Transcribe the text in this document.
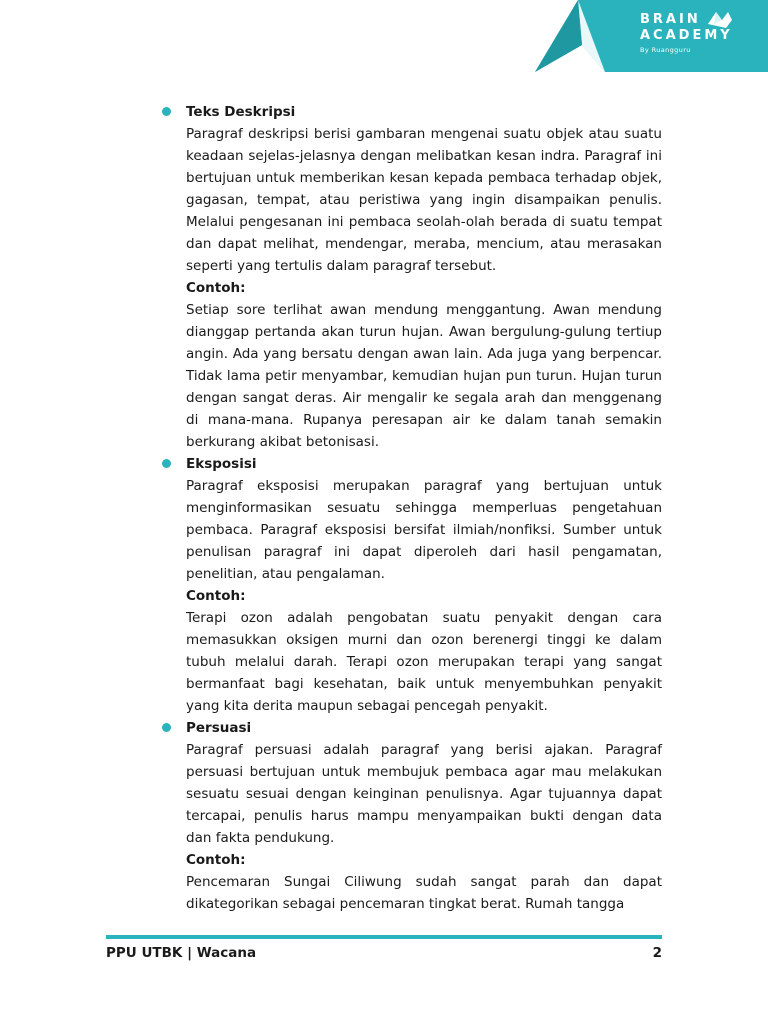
BRAIN
ACADEMY
By Ruangguru
Teks Deskripsi

Paragraf deskripsi berisi gambaran mengenai suatu objek atau suatu keadaan sejelas-jelasnya dengan melibatkan kesan indra. Paragraf ini bertujuan untuk memberikan kesan kepada pembaca terhadap objek, gagasan, tempat, atau peristiwa yang ingin disampaikan penulis. Melalui pengesanan ini pembaca seolah-olah berada di suatu tempat dan dapat melihat, mendengar, meraba, mencium, atau merasakan seperti yang tertulis dalam paragraf tersebut.

Contoh:

Setiap sore terlihat awan mendung menggantung. Awan mendung dianggap pertanda akan turun hujan. Awan bergulung-gulung tertiup angin. Ada yang bersatu dengan awan lain. Ada juga yang berpencar. Tidak lama petir menyambar, kemudian hujan pun turun. Hujan turun dengan sangat deras. Air mengalir ke segala arah dan menggenang di mana-mana. Rupanya peresapan air ke dalam tanah semakin berkurang akibat betonisasi.

Eksposisi

Paragraf eksposisi merupakan paragraf yang bertujuan untuk menginformasikan sesuatu sehingga memperluas pengetahuan pembaca. Paragraf eksposisi bersifat ilmiah/nonfiksi. Sumber untuk penulisan paragraf ini dapat diperoleh dari hasil pengamatan, penelitian, atau pengalaman.

Contoh:

Terapi ozon adalah pengobatan suatu penyakit dengan cara memasukkan oksigen murni dan ozon berenergi tinggi ke dalam tubuh melalui darah. Terapi ozon merupakan terapi yang sangat bermanfaat bagi kesehatan, baik untuk menyembuhkan penyakit yang kita derita maupun sebagai pencegah penyakit.

Persuasi

Paragraf persuasi adalah paragraf yang berisi ajakan. Paragraf persuasi bertujuan untuk membujuk pembaca agar mau melakukan sesuatu sesuai dengan keinginan penulisnya. Agar tujuannya dapat tercapai, penulis harus mampu menyampaikan bukti dengan data dan fakta pendukung.

Contoh:

Pencemaran Sungai Ciliwung sudah sangat parah dan dapat dikategorikan sebagai pencemaran tingkat berat. Rumah tangga

PPU UTBK | Wacana	2
